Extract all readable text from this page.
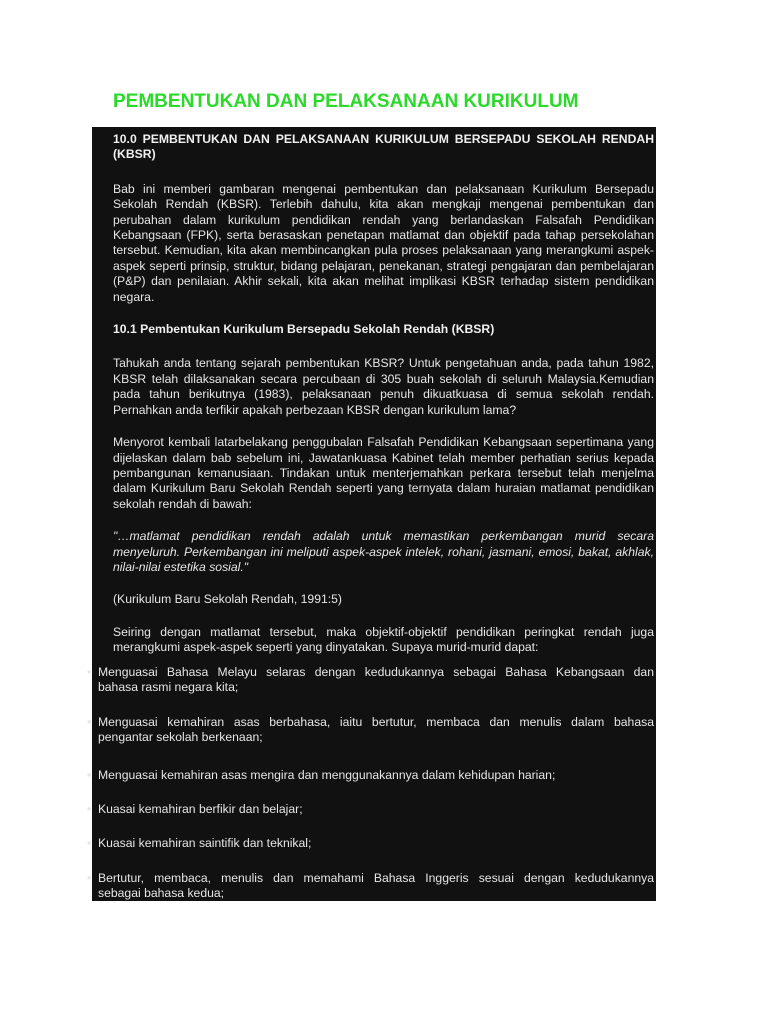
PEMBENTUKAN DAN PELAKSANAAN KURIKULUM

10.0 PEMBENTUKAN DAN PELAKSANAAN KURIKULUM BERSEPADU SEKOLAH RENDAH (KBSR)

Bab ini memberi gambaran mengenai pembentukan dan pelaksanaan Kurikulum Bersepadu Sekolah Rendah (KBSR). Terlebih dahulu, kita akan mengkaji mengenai pembentukan dan perubahan dalam kurikulum pendidikan rendah yang berlandaskan Falsafah Pendidikan Kebangsaan (FPK), serta berasaskan penetapan matlamat dan objektif pada tahap persekolahan tersebut. Kemudian, kita akan membincangkan pula proses pelaksanaan yang merangkumi aspek-aspek seperti prinsip, struktur, bidang pelajaran, penekanan, strategi pengajaran dan pembelajaran (P&P) dan penilaian. Akhir sekali, kita akan melihat implikasi KBSR terhadap sistem pendidikan negara.

10.1 Pembentukan Kurikulum Bersepadu Sekolah Rendah (KBSR)

Tahukah anda tentang sejarah pembentukan KBSR? Untuk pengetahuan anda, pada tahun 1982, KBSR telah dilaksanakan secara percubaan di 305 buah sekolah di seluruh Malaysia.Kemudian pada tahun berikutnya (1983), pelaksanaan penuh dikuatkuasa di semua sekolah rendah. Pernahkan anda terfikir apakah perbezaan KBSR dengan kurikulum lama?

Menyorot kembali latarbelakang penggubalan Falsafah Pendidikan Kebangsaan sepertimana yang dijelaskan dalam bab sebelum ini, Jawatankuasa Kabinet telah member perhatian serius kepada pembangunan kemanusiaan. Tindakan untuk menterjemahkan perkara tersebut telah menjelma dalam Kurikulum Baru Sekolah Rendah seperti yang ternyata dalam huraian matlamat pendidikan sekolah rendah di bawah:

"…matlamat pendidikan rendah adalah untuk memastikan perkembangan murid secara menyeluruh. Perkembangan ini meliputi aspek-aspek intelek, rohani, jasmani, emosi, bakat, akhlak, nilai-nilai estetika sosial."

(Kurikulum Baru Sekolah Rendah, 1991:5)

Seiring dengan matlamat tersebut, maka objektif-objektif pendidikan peringkat rendah juga merangkumi aspek-aspek seperti yang dinyatakan. Supaya murid-murid dapat:

• Menguasai Bahasa Melayu selaras dengan kedudukannya sebagai Bahasa Kebangsaan dan
bahasa rasmi negara kita;
• Menguasai kemahiran asas berbahasa, iaitu bertutur, membaca dan menulis dalam bahasa
pengantar sekolah berkenaan;
• Menguasai kemahiran asas mengira dan menggunakannya dalam kehidupan harian;
• Kuasai kemahiran berfikir dan belajar;
• Kuasai kemahiran saintifik dan teknikal;
• Bertutur, membaca, menulis dan memahami Bahasa Inggeris sesuai dengan kedudukannya
sebagai bahasa kedua;
